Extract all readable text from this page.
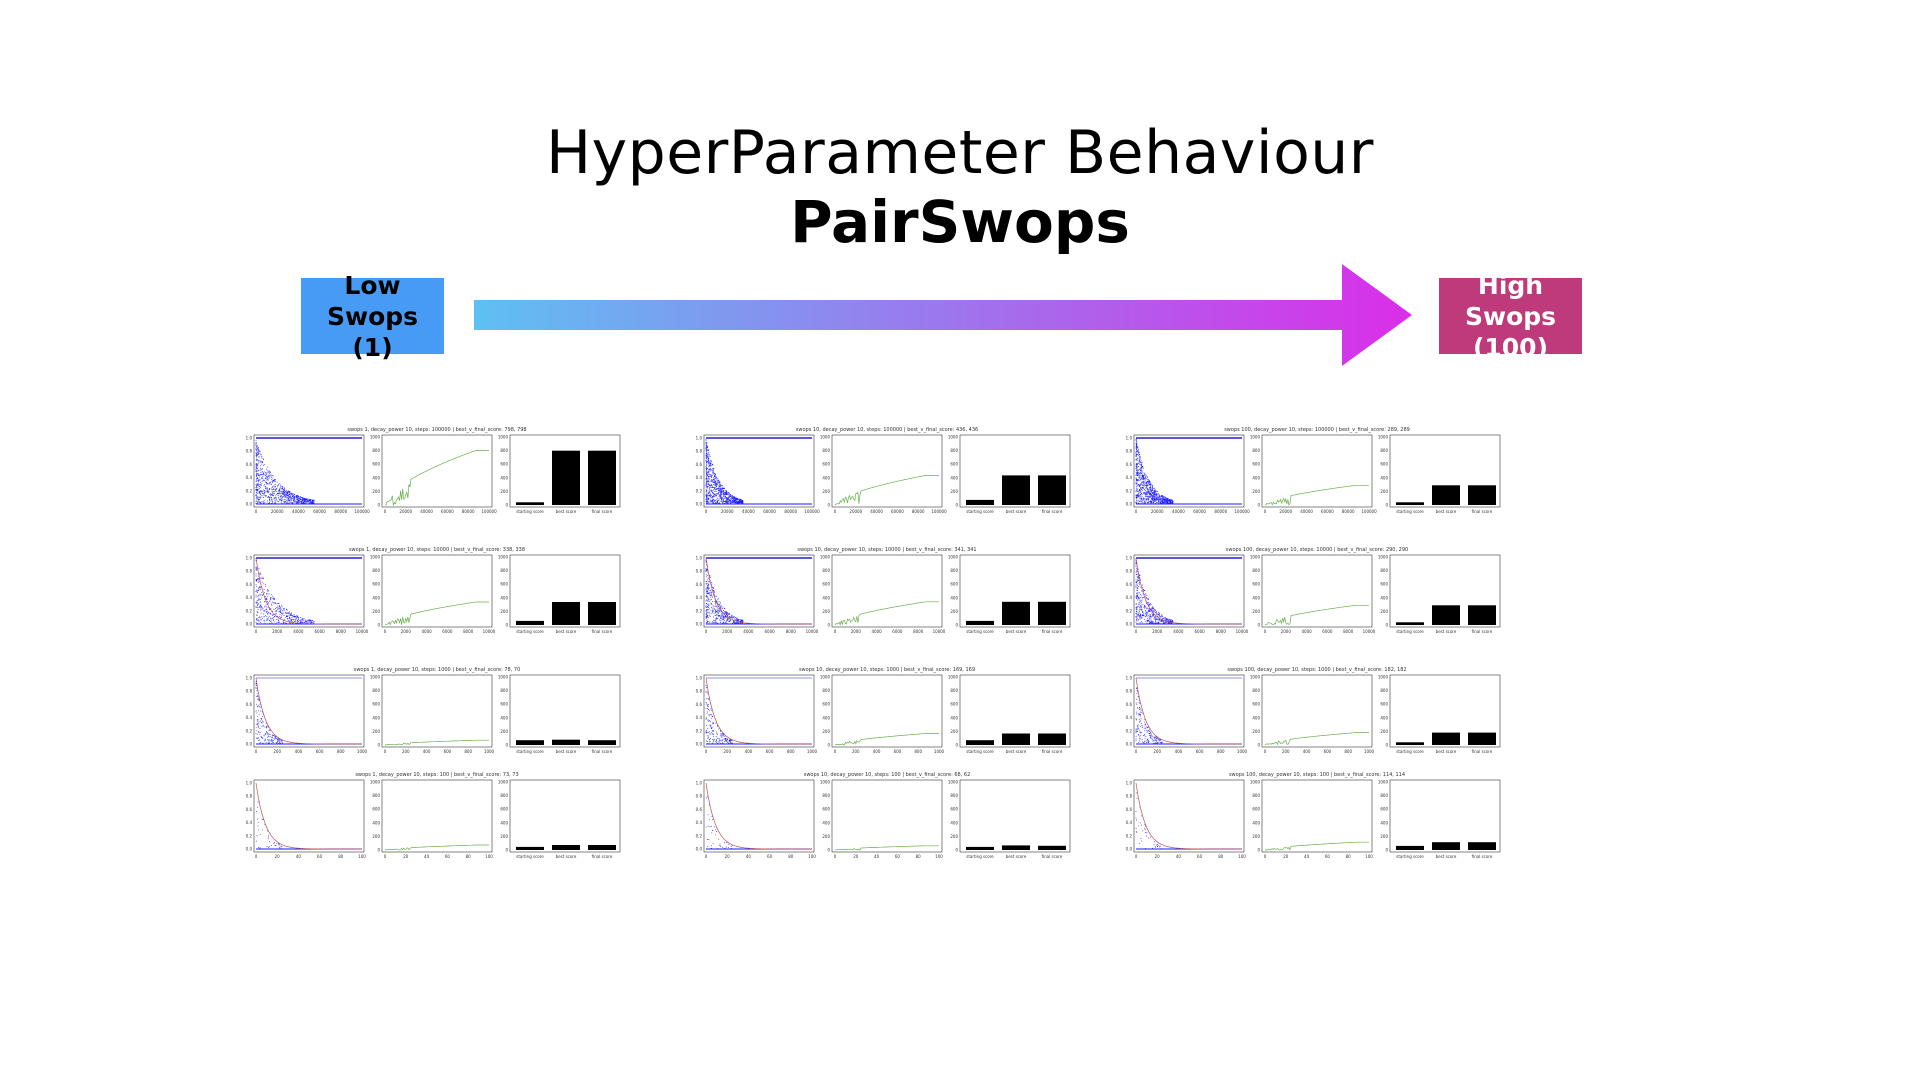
HyperParameter Behaviour
PairSwops
Low Swops
(1)
High Swops
(100)
swops 1, decay_power 10, steps: 100000 | best_v_final_score: 798, 798
0.0
0.2
0.4
0.6
0.8
1.0
0	20000 40000 60000 80000 100000
0
200
400
600
800
1000
0	20000 40000 60000 80000 100000	starting score	best score	final score
0
200
400
600
800
1000
swops 10, decay_power 10, steps: 100000 | best_v_final_score: 436, 436
0.0
0.2
0.4
0.6
0.8
1.0
0	20000 40000 60000 80000 100000
0
200
400
600
800
1000
0	20000 40000 60000 80000 100000	starting score	best score	final score
0
200
400
600
800
1000
swops 100, decay_power 10, steps: 100000 | best_v_final_score: 289, 289
0.0
0.2
0.4
0.6
0.8
1.0
0	20000 40000 60000 80000 100000
0
200
400
600
800
1000
0	20000 40000 60000 80000 100000	starting score	best score	final score
0
200
400
600
800
1000
swops 1, decay_power 10, steps: 10000 | best_v_final_score: 338, 338
0.0
0.2
0.4
0.6
0.8
1.0
0	2000	4000	6000	8000 10000
0
200
400
600
800
1000
0	2000	4000	6000	8000 10000	starting score	best score	final score
0
200
400
600
800
1000
swops 10, decay_power 10, steps: 10000 | best_v_final_score: 341, 341
0.0
0.2
0.4
0.6
0.8
1.0
0	2000	4000	6000	8000 10000
0
200
400
600
800
1000
0	2000	4000	6000	8000 10000	starting score	best score	final score
0
200
400
600
800
1000
swops 100, decay_power 10, steps: 10000 | best_v_final_score: 290, 290
0.0
0.2
0.4
0.6
0.8
1.0
0	2000	4000	6000	8000 10000
0
200
400
600
800
1000
0	2000	4000	6000	8000 10000	starting score	best score	final score
0
200
400
600
800
1000
swops 1, decay_power 10, steps: 1000 | best_v_final_score: 78, 70
0.0
0.2
0.4
0.6
0.8
1.0
0	200	400	600	800	1000
0
200
400
600
800
1000
0	200	400	600	800	1000	starting score	best score	final score
0
200
400
600
800
1000
swops 10, decay_power 10, steps: 1000 | best_v_final_score: 169, 169
0.0
0.2
0.4
0.6
0.8
1.0
0	200	400	600	800	1000
0
200
400
600
800
1000
0	200	400	600	800	1000	starting score	best score	final score
0
200
400
600
800
1000
swops 100, decay_power 10, steps: 1000 | best_v_final_score: 182, 182
0.0
0.2
0.4
0.6
0.8
1.0
0	200	400	600	800	1000
0
200
400
600
800
1000
0	200	400	600	800	1000	starting score	best score	final score
0
200
400
600
800
1000
swops 1, decay_power 10, steps: 100 | best_v_final_score: 73, 73
0.0
0.2
0.4
0.6
0.8
1.0
0	20	40	60	80	100
0
200
400
600
800
1000
0	20	40	60	80	100	starting score	best score	final score
0
200
400
600
800
1000
swops 10, decay_power 10, steps: 100 | best_v_final_score: 68, 62
0.0
0.2
0.4
0.6
0.8
1.0
0	20	40	60	80	100
0
200
400
600
800
1000
0	20	40	60	80	100	starting score	best score	final score
0
200
400
600
800
1000
swops 100, decay_power 10, steps: 100 | best_v_final_score: 114, 114
0.0
0.2
0.4
0.6
0.8
1.0
0	20	40	60	80	100
0
200
400
600
800
1000
0	20	40	60	80	100	starting score	best score	final score
0
200
400
600
800
1000
